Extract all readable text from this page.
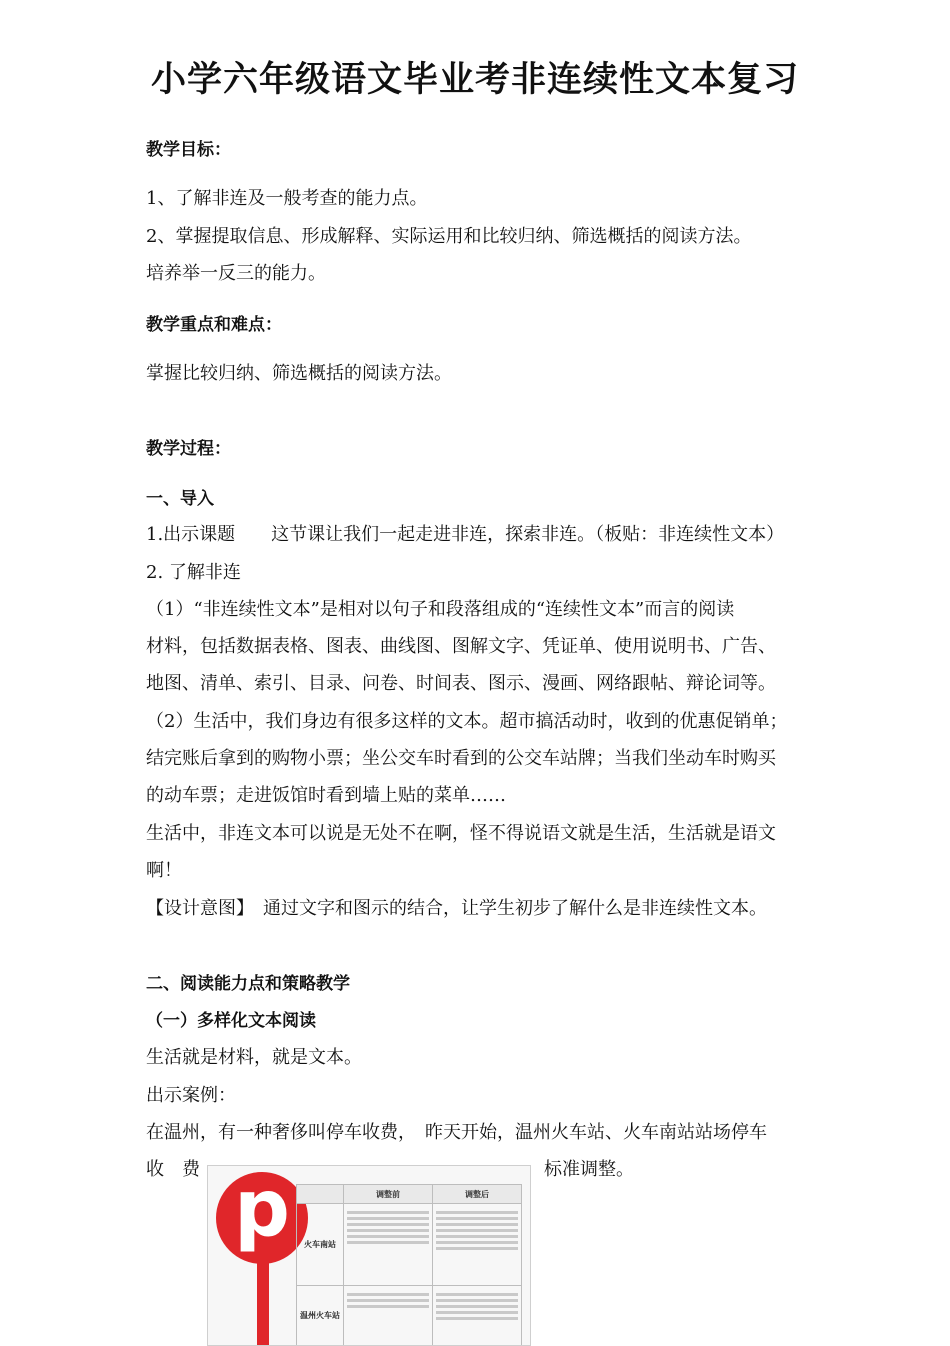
小学六年级语文毕业考非连续性文本复习
教学目标：
1、了解非连及一般考查的能力点。
2、掌握提取信息、形成解释、实际运用和比较归纳、筛选概括的阅读方法。
培养举一反三的能力。
教学重点和难点：
掌握比较归纳、筛选概括的阅读方法。
教学过程：
一、导入
1.出示课题　　这节课让我们一起走进非连，探索非连。（板贴：非连续性文本）
2. 了解非连
（1）“非连续性文本”是相对以句子和段落组成的“连续性文本”而言的阅读
材料，包括数据表格、图表、曲线图、图解文字、凭证单、使用说明书、广告、
地图、清单、索引、目录、问卷、时间表、图示、漫画、网络跟帖、辩论词等。
（2）生活中，我们身边有很多这样的文本。超市搞活动时，收到的优惠促销单；
结完账后拿到的购物小票；坐公交车时看到的公交车站牌；当我们坐动车时购买
的动车票；走进饭馆时看到墙上贴的菜单……
生活中，非连文本可以说是无处不在啊，怪不得说语文就是生活，生活就是语文
啊！
【设计意图】　通过文字和图示的结合，让学生初步了解什么是非连续性文本。
二、阅读能力点和策略教学
（一）多样化文本阅读
生活就是材料，就是文本。
出示案例：
在温州，有一种奢侈叫停车收费，　昨天开始，温州火车站、火车南站站场停车
收　费	标准调整。
p
		调整前	调整后
火车南站	

温州火车站	
